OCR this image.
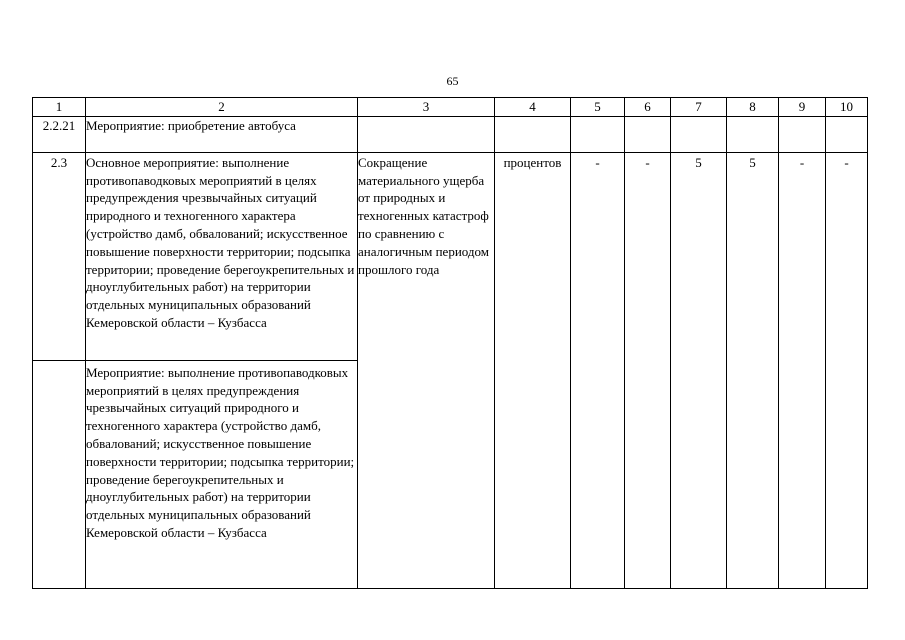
65
1	2	3	4	5	6	7	8	9	10

2.2.21	Мероприятие: приобретение автобуса								

2.3	Основное мероприятие: выполнение противопаводковых мероприятий в целях предупреждения чрезвычайных ситуаций природного и техногенного характера (устройство дамб, обвалований; искусственное повышение поверхности территории; подсыпка территории; проведение берегоукрепительных и дноуглубительных работ) на территории отдельных муниципальных образований Кемеровской области – Кузбасса	Сокращение материального ущерба от природных и техногенных катастроф по сравнению с аналогичным периодом прошлого года	процентов	-	-	5	5	-	-

	Мероприятие: выполнение противопаводковых мероприятий в целях предупреждения чрезвычайных ситуаций природного и техногенного характера (устройство дамб, обвалований; искусственное повышение поверхности территории; подсыпка территории; проведение берегоукрепительных и дноуглубительных работ) на территории отдельных муниципальных образований Кемеровской области – Кузбасса								
